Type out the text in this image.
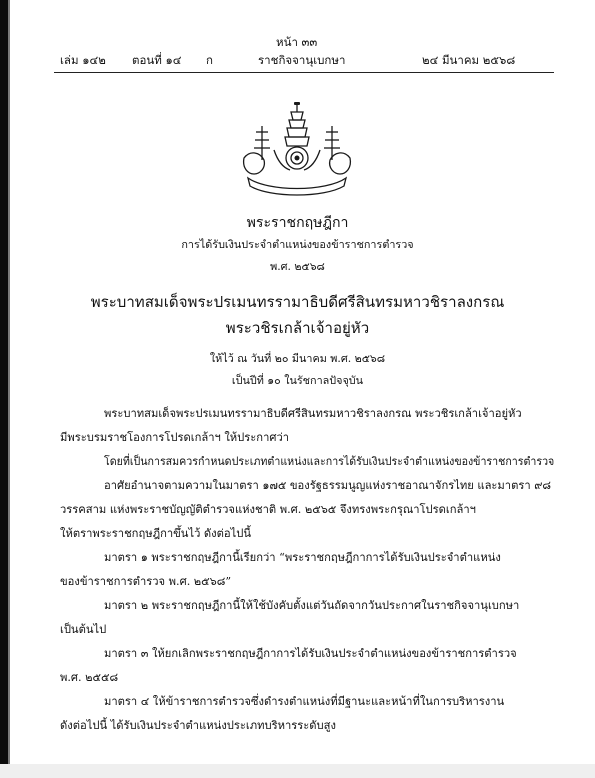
หน้า ๓๓
เล่ม ๑๔๒ ตอนที่ ๑๔ ก	ราชกิจจานุเบกษา	๒๔ มีนาคม ๒๕๖๘
พระราชกฤษฎีกา
การได้รับเงินประจำตำแหน่งของข้าราชการตำรวจ
พ.ศ. ๒๕๖๘
พระบาทสมเด็จพระปรเมนทรรามาธิบดีศรีสินทรมหาวชิราลงกรณ
พระวชิรเกล้าเจ้าอยู่หัว
ให้ไว้ ณ วันที่ ๒๐ มีนาคม พ.ศ. ๒๕๖๘
เป็นปีที่ ๑๐ ในรัชกาลปัจจุบัน
พระบาทสมเด็จพระปรเมนทรรามาธิบดีศรีสินทรมหาวชิราลงกรณ พระวชิรเกล้าเจ้าอยู่หัว
มีพระบรมราชโองการโปรดเกล้าฯ ให้ประกาศว่า
โดยที่เป็นการสมควรกำหนดประเภทตำแหน่งและการได้รับเงินประจำตำแหน่งของข้าราชการตำรวจ
อาศัยอำนาจตามความในมาตรา ๑๗๕ ของรัฐธรรมนูญแห่งราชอาณาจักรไทย และมาตรา ๙๘
วรรคสาม แห่งพระราชบัญญัติตำรวจแห่งชาติ พ.ศ. ๒๕๖๕ จึงทรงพระกรุณาโปรดเกล้าฯ
ให้ตราพระราชกฤษฎีกาขึ้นไว้ ดังต่อไปนี้
มาตรา ๑ พระราชกฤษฎีกานี้เรียกว่า “พระราชกฤษฎีกาการได้รับเงินประจำตำแหน่ง
ของข้าราชการตำรวจ พ.ศ. ๒๕๖๘”
มาตรา ๒ พระราชกฤษฎีกานี้ให้ใช้บังคับตั้งแต่วันถัดจากวันประกาศในราชกิจจานุเบกษา
เป็นต้นไป
มาตรา ๓ ให้ยกเลิกพระราชกฤษฎีกาการได้รับเงินประจำตำแหน่งของข้าราชการตำรวจ
พ.ศ. ๒๕๕๘
มาตรา ๔ ให้ข้าราชการตำรวจซึ่งดำรงตำแหน่งที่มีฐานะและหน้าที่ในการบริหารงาน
ดังต่อไปนี้ ได้รับเงินประจำตำแหน่งประเภทบริหารระดับสูง
